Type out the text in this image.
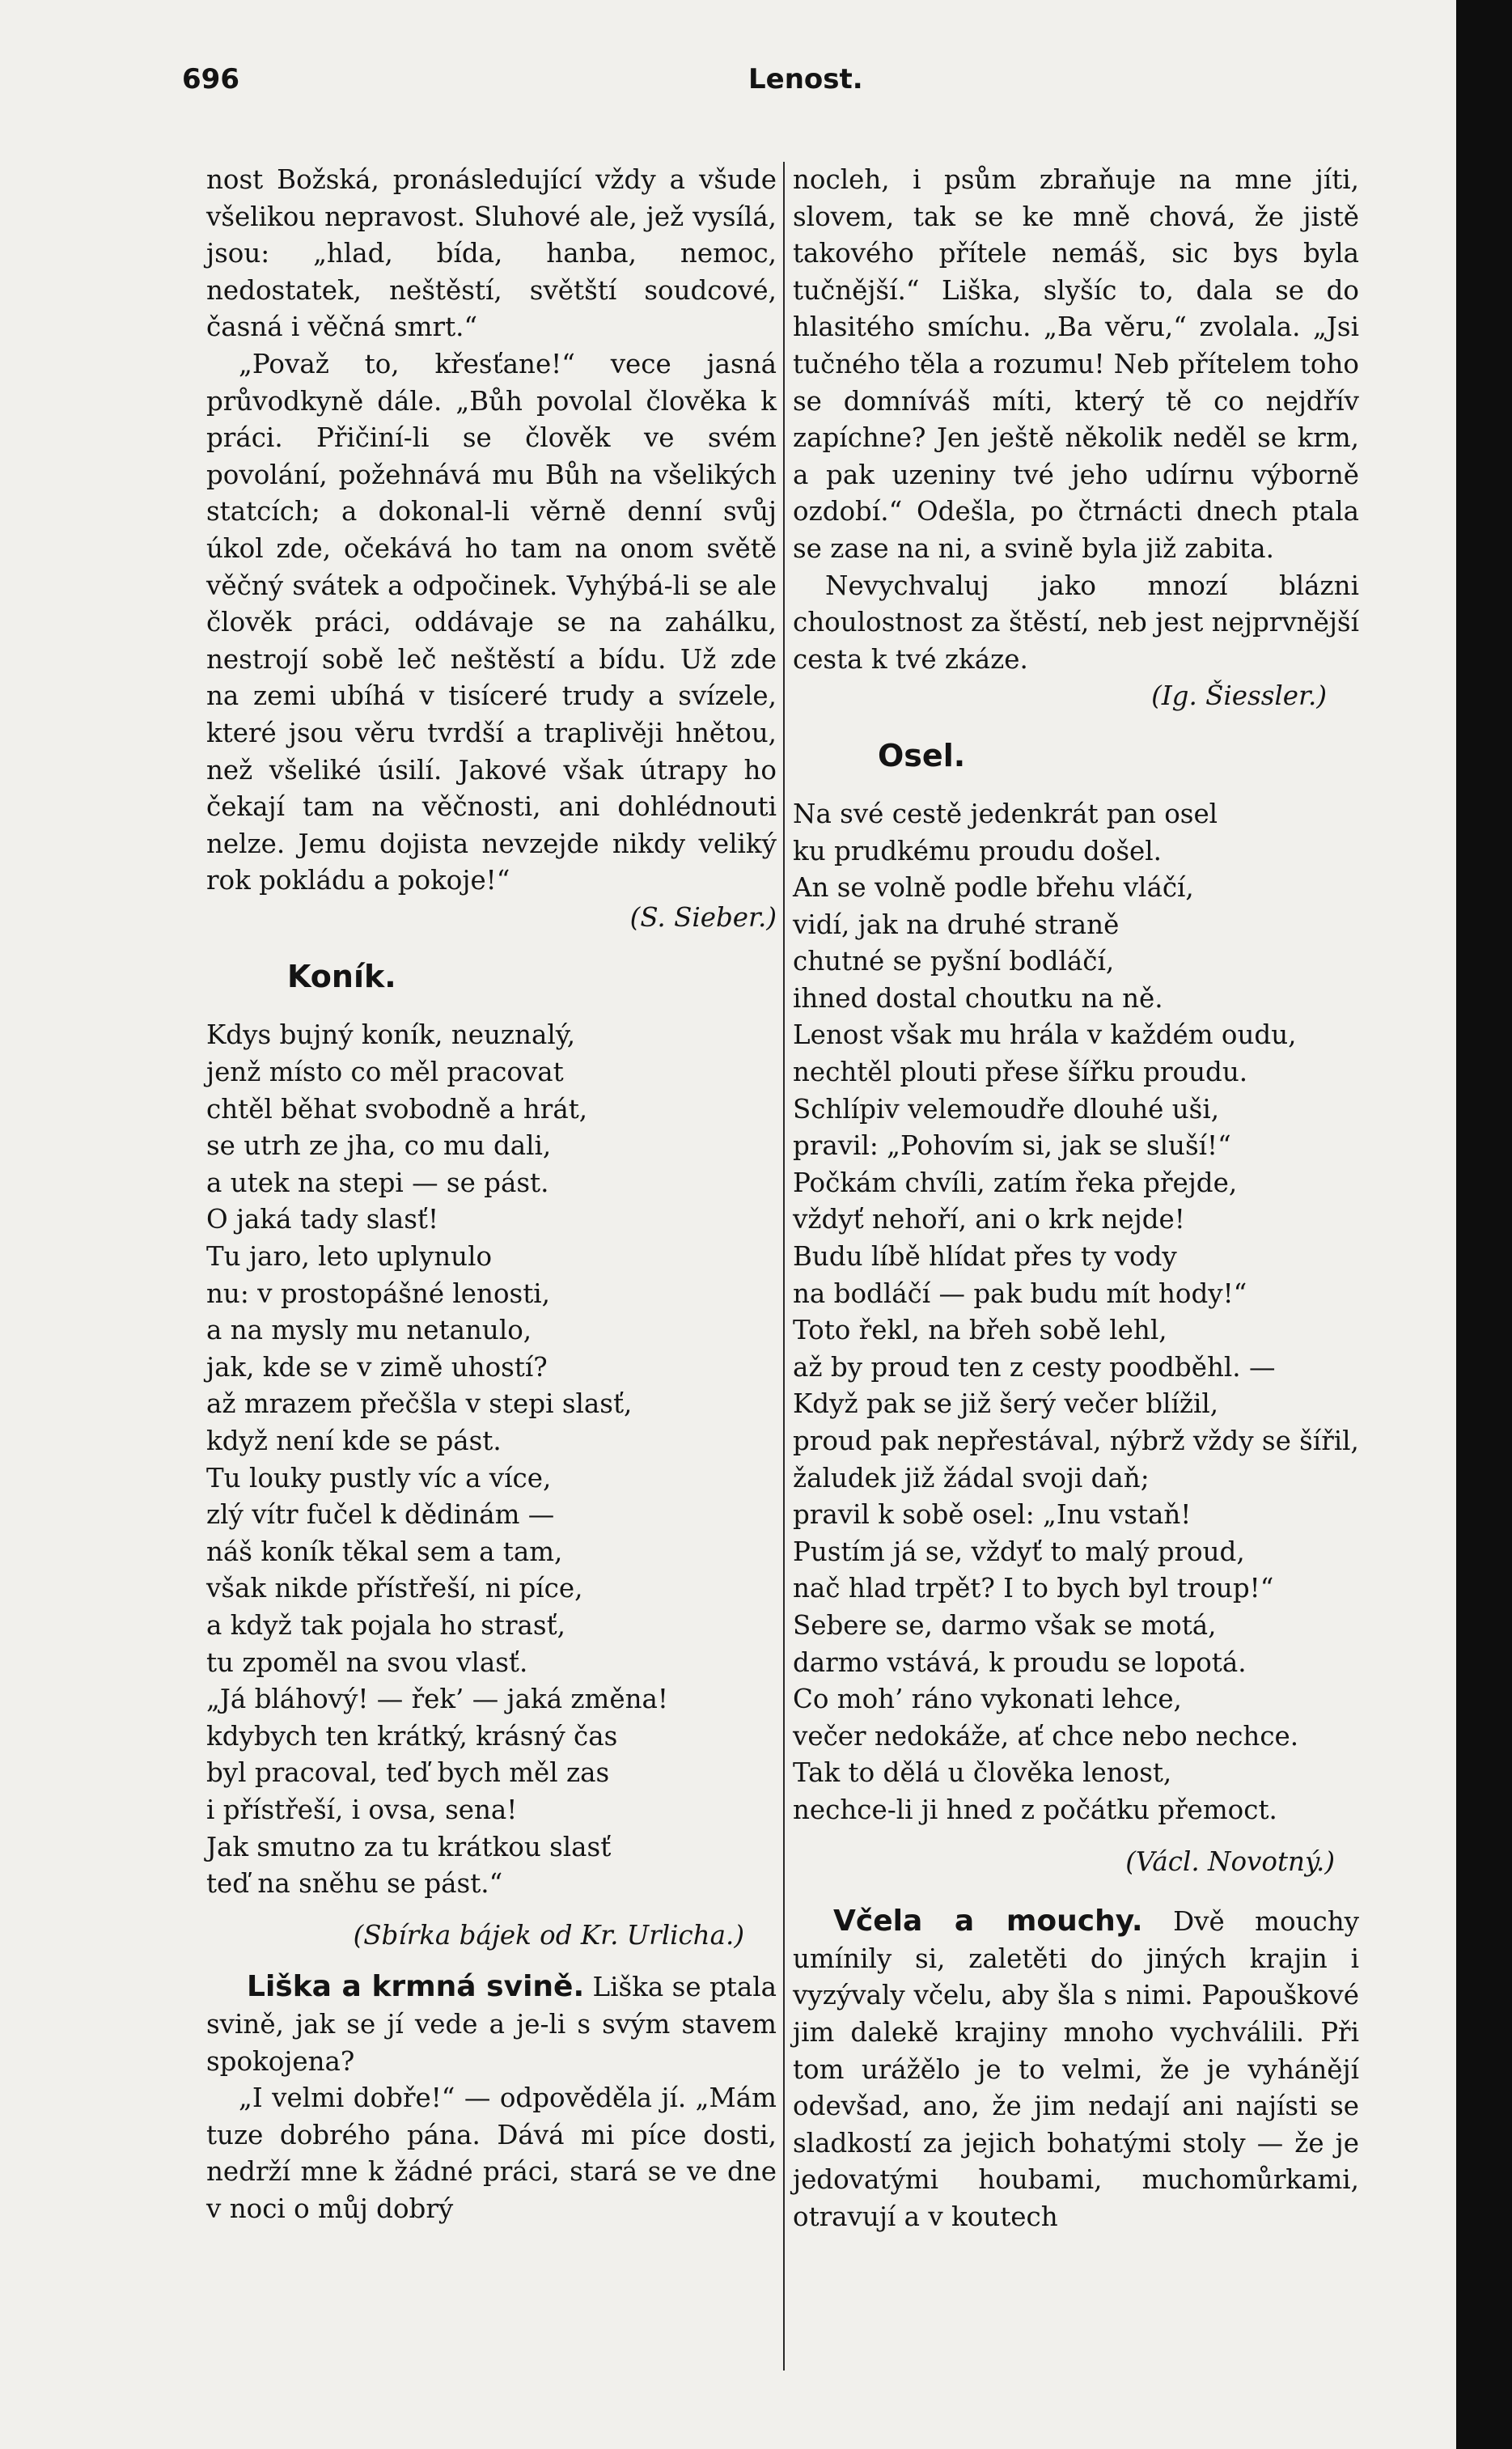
696	Lenost.

nost Božská, pronásledující vždy a všude všelikou nepravost. Sluhové ale, jež vysílá, jsou: „hlad, bída, hanba, nemoc, nedostatek, neštěstí, světští soudcové, časná i věčná smrt.“

„Považ to, křesťane!“ vece jasná průvodkyně dále. „Bůh povolal člověka k práci. Přičiní-li se člověk ve svém povolání, požehnává mu Bůh na všelikých statcích; a dokonal-li věrně denní svůj úkol zde, očekává ho tam na onom světě věčný svátek a odpočinek. Vyhýbá-li se ale člověk práci, oddávaje se na zahálku, nestrojí sobě leč neštěstí a bídu. Už zde na zemi ubíhá v tisíceré trudy a svízele, které jsou věru tvrdší a traplivěji hnětou, než všeliké úsilí. Jakové však útrapy ho čekají tam na věčnosti, ani dohlédnouti nelze. Jemu dojista nevzejde nikdy veliký rok pokládu a pokoje!“

(S. Sieber.)
Koník.
Kdys bujný koník, neuznalý,
jenž místo co měl pracovat
chtěl běhat svobodně a hrát,
se utrh ze jha, co mu dali,
a utek na stepi — se pást.
O jaká tady slasť!
Tu jaro, leto uplynulo
nu: v prostopášné lenosti,
a na mysly mu netanulo,
jak, kde se v zimě uhostí?
až mrazem přečšla v stepi slasť,
když není kde se pást.
Tu louky pustly víc a více,
zlý vítr fučel k dědinám —
náš koník těkal sem a tam,
však nikde přístřeší, ni píce,
a když tak pojala ho strasť,
tu zpoměl na svou vlasť.
„Já bláhový! — řek’ — jaká změna!
kdybych ten krátký, krásný čas
byl pracoval, teď bych měl zas
i přístřeší, i ovsa, sena!
Jak smutno za tu krátkou slasť
teď na sněhu se pást.“
(Sbírka bájek od Kr. Urlicha.)

Liška a krmná svině. Liška se ptala svině, jak se jí vede a je-li s svým stavem spokojena?

„I velmi dobře!“ — odpověděla jí. „Mám tuze dobrého pána. Dává mi píce dosti, nedrží mne k žádné práci, stará se ve dne v noci o můj dobrý

nocleh, i psům zbraňuje na mne jíti, slovem, tak se ke mně chová, že jistě takového přítele nemáš, sic bys byla tučnější.“ Liška, slyšíc to, dala se do hlasitého smíchu. „Ba věru,“ zvolala. „Jsi tučného těla a rozumu! Neb přítelem toho se domníváš míti, který tě co nejdřív zapíchne? Jen ještě několik neděl se krm, a pak uzeniny tvé jeho udírnu výborně ozdobí.“ Odešla, po čtrnácti dnech ptala se zase na ni, a svině byla již zabita.

Nevychvaluj jako mnozí blázni choulostnost za štěstí, neb jest nejprvnější cesta k tvé zkáze.

(Ig. Šiessler.)
Osel.
Na své cestě jedenkrát pan osel
ku prudkému proudu došel.
An se volně podle břehu vláčí,
vidí, jak na druhé straně
chutné se pyšní bodláčí,
ihned dostal choutku na ně.
Lenost však mu hrála v každém oudu,
nechtěl plouti přese šířku proudu.
Schlípiv velemoudře dlouhé uši,
pravil: „Pohovím si, jak se sluší!“
Počkám chvíli, zatím řeka přejde,
vždyť nehoří, ani o krk nejde!
Budu líbě hlídat přes ty vody
na bodláčí — pak budu mít hody!“
Toto řekl, na břeh sobě lehl,
až by proud ten z cesty poodběhl. —
Když pak se již šerý večer blížil,
proud pak nepřestával, nýbrž vždy se šířil,
žaludek již žádal svoji daň;
pravil k sobě osel: „Inu vstaň!
Pustím já se, vždyť to malý proud,
nač hlad trpět? I to bych byl troup!“
Sebere se, darmo však se motá,
darmo vstává, k proudu se lopotá.
Co moh’ ráno vykonati lehce,
večer nedokáže, ať chce nebo nechce.
Tak to dělá u člověka lenost,
nechce-li ji hned z počátku přemoct.
(Václ. Novotný.)

Včela a mouchy. Dvě mouchy umínily si, zaletěti do jiných krajin i vyzývaly včelu, aby šla s nimi. Papouškové jim dalekě krajiny mnoho vychválili. Při tom urážělo je to velmi, že je vyhánějí odevšad, ano, že jim nedají ani najísti se sladkostí za jejich bohatými stoly — že je jedovatými houbami, muchomůrkami, otravují a v koutech
